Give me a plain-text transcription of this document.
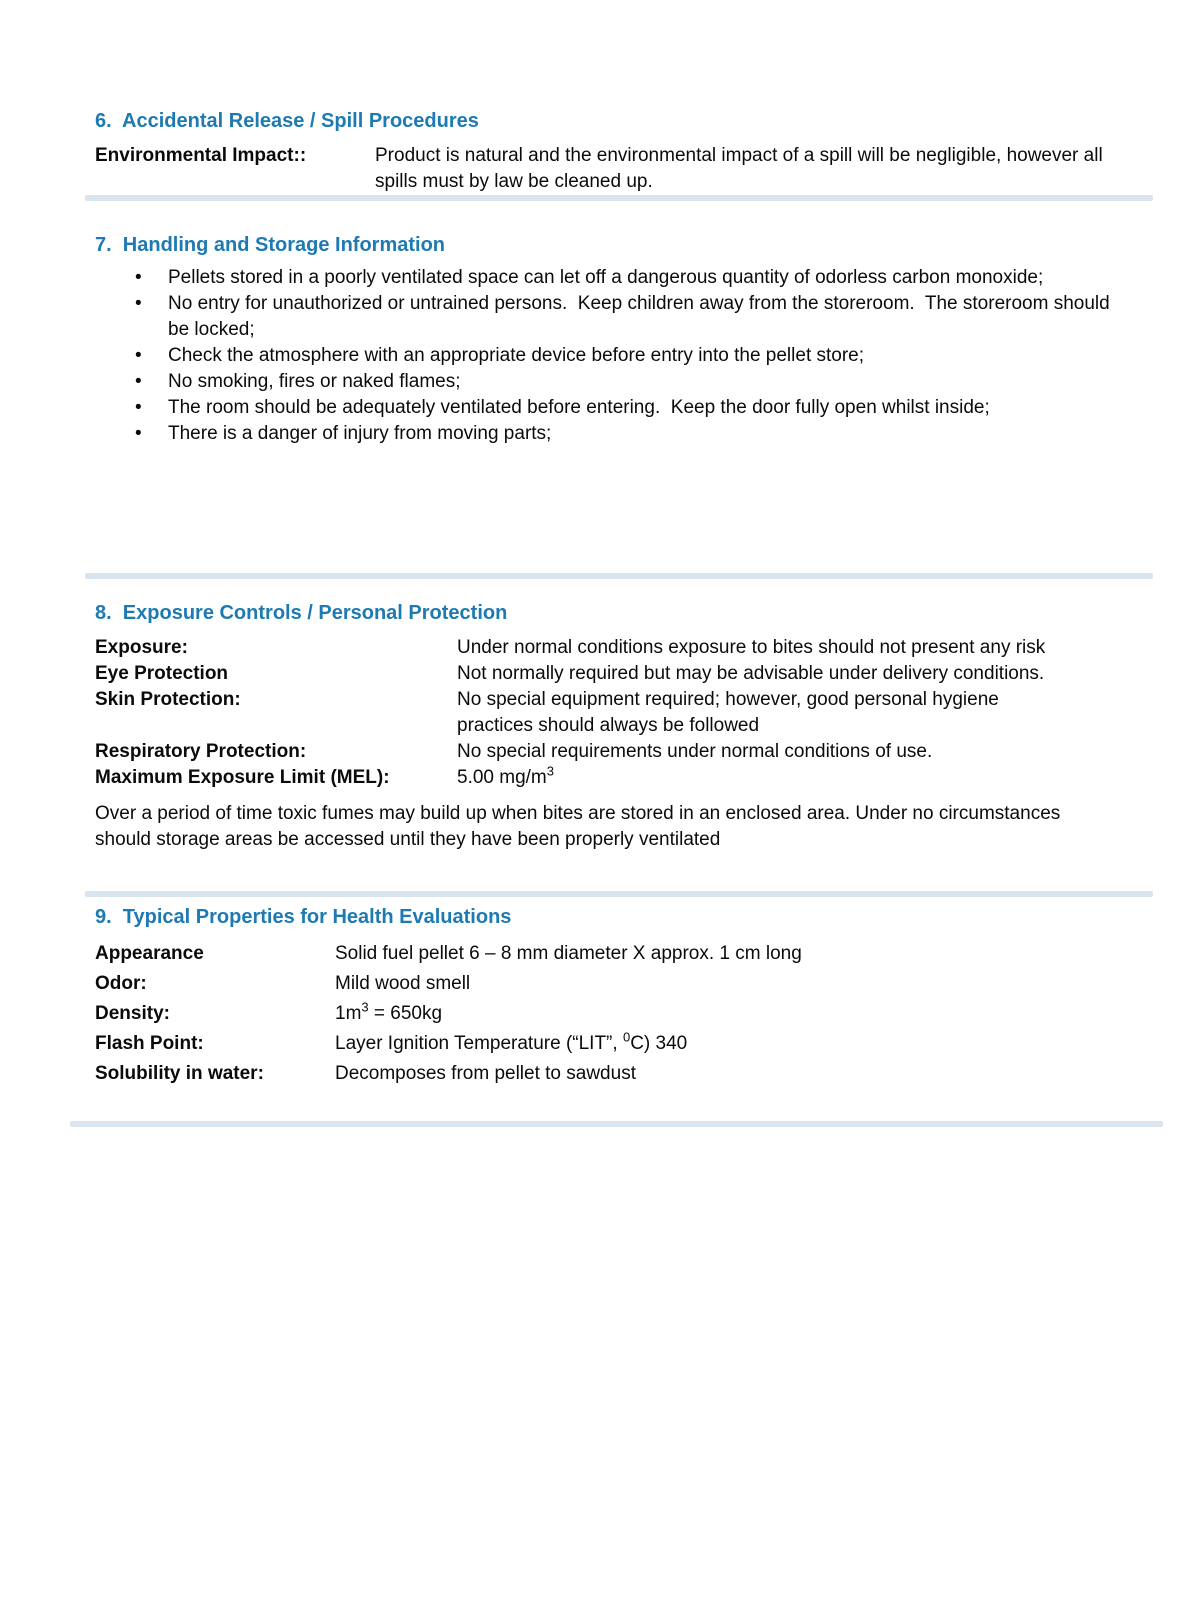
6.  Accidental Release / Spill Procedures
Environmental Impact::	Product is natural and the environmental impact of a spill will be negligible, however all spills must by law be cleaned up.
7.  Handling and Storage Information
• Pellets stored in a poorly ventilated space can let off a dangerous quantity of odorless carbon monoxide;
• No entry for unauthorized or untrained persons.  Keep children away from the storeroom.  The storeroom should be locked;
• Check the atmosphere with an appropriate device before entry into the pellet store;
• No smoking, fires or naked flames;
• The room should be adequately ventilated before entering.  Keep the door fully open whilst inside;
• There is a danger of injury from moving parts;
8.  Exposure Controls / Personal Protection
Exposure:	Under normal conditions exposure to bites should not present any risk
Eye Protection	Not normally required but may be advisable under delivery conditions.
Skin Protection:	No special equipment required; however, good personal hygiene practices should always be followed
Respiratory Protection:	No special requirements under normal conditions of use.
Maximum Exposure Limit (MEL):	5.00 $mg/m^3$
Over a period of time toxic fumes may build up when bites are stored in an enclosed area. Under no circumstances should storage areas be accessed until they have been properly ventilated
9.  Typical Properties for Health Evaluations
Appearance	Solid fuel pellet 6 – 8 mm diameter X approx. 1 cm long
Odor:	Mild wood smell
Density:	$1m^3 = 650kg$
Flash Point:	Layer Ignition Temperature (“LIT”, $^0$C) 340
Solubility in water:	Decomposes from pellet to sawdust
